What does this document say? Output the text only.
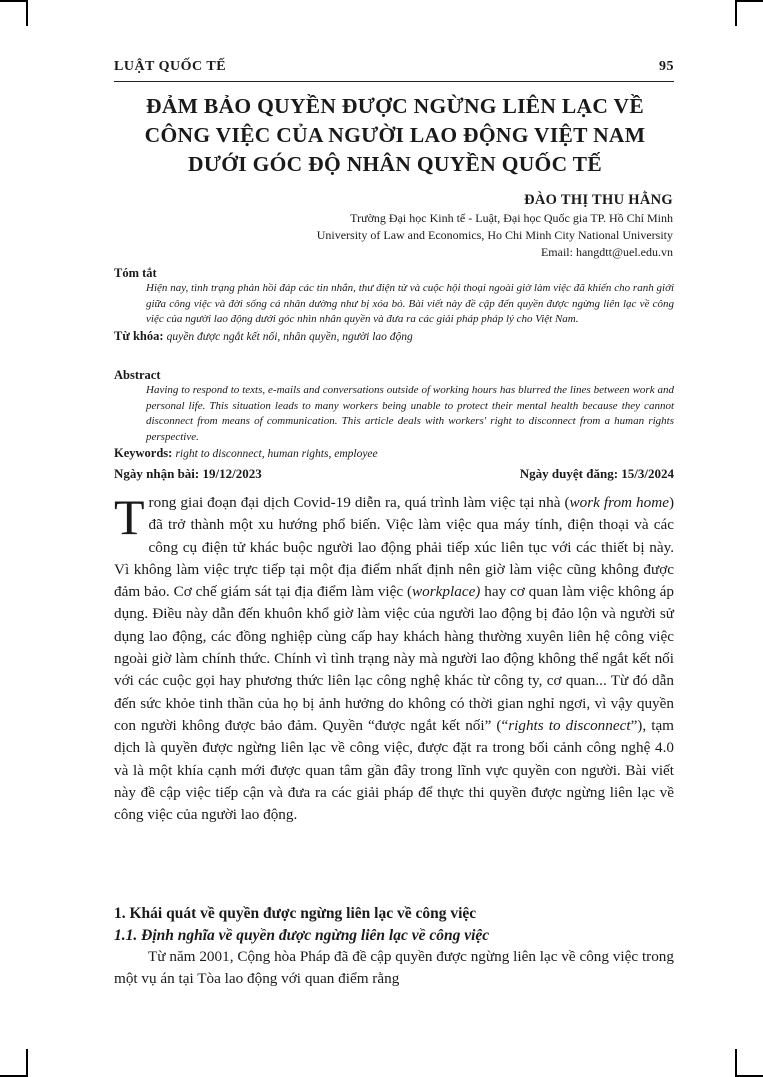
LUẬT QUỐC TẾ	95
ĐẢM BẢO QUYỀN ĐƯỢC NGỪNG LIÊN LẠC VỀ
CÔNG VIỆC CỦA NGƯỜI LAO ĐỘNG VIỆT NAM
DƯỚI GÓC ĐỘ NHÂN QUYỀN QUỐC TẾ
ĐÀO THỊ THU HẰNG
Trường Đại học Kinh tế - Luật, Đại học Quốc gia TP. Hồ Chí Minh
University of Law and Economics, Ho Chi Minh City National University
Email: hangdtt@uel.edu.vn
Tóm tắt
Hiện nay, tình trạng phản hồi đáp các tin nhắn, thư điện tử và cuộc hội thoại ngoài giờ làm việc đã khiến cho ranh giới giữa công việc và đời sống cá nhân dường như bị xóa bỏ. Bài viết này đề cập đến quyền được ngừng liên lạc về công việc của người lao động dưới góc nhìn nhân quyền và đưa ra các giải pháp pháp lý cho Việt Nam.
Từ khóa: quyền được ngắt kết nối, nhân quyền, người lao động
Abstract
Having to respond to texts, e-mails and conversations outside of working hours has blurred the lines between work and personal life. This situation leads to many workers being unable to protect their mental health because they cannot disconnect from means of communication. This article deals with workers' right to disconnect from a human rights perspective.
Keywords: right to disconnect, human rights, employee
Ngày nhận bài: 19/12/2023	Ngày duyệt đăng: 15/3/2024

Trong giai đoạn đại dịch Covid-19 diễn ra, quá trình làm việc tại nhà (work from home) đã trở thành một xu hướng phổ biến. Việc làm việc qua máy tính, điện thoại và các công cụ điện tử khác buộc người lao động phải tiếp xúc liên tục với các thiết bị này. Vì không làm việc trực tiếp tại một địa điểm nhất định nên giờ làm việc cũng không được đảm bảo. Cơ chế giám sát tại địa điểm làm việc (workplace) hay cơ quan làm việc không áp dụng. Điều này dẫn đến khuôn khổ giờ làm việc của người lao động bị đảo lộn và người sử dụng lao động, các đồng nghiệp cùng cấp hay khách hàng thường xuyên liên hệ công việc ngoài giờ làm chính thức. Chính vì tình trạng này mà người lao động không thể ngắt kết nối với các cuộc gọi hay phương thức liên lạc công nghệ khác từ công ty, cơ quan... Từ đó dẫn đến sức khỏe tinh thần của họ bị ảnh hưởng do không có thời gian nghỉ ngơi, vì vậy quyền con người không được bảo đảm. Quyền “được ngắt kết nối” (“rights to disconnect”), tạm dịch là quyền được ngừng liên lạc về công việc, được đặt ra trong bối cảnh công nghệ 4.0 và là một khía cạnh mới được quan tâm gần đây trong lĩnh vực quyền con người. Bài viết này đề cập việc tiếp cận và đưa ra các giải pháp để thực thi quyền được ngừng liên lạc về công việc của người lao động.

1. Khái quát về quyền được ngừng liên lạc về công việc
1.1. Định nghĩa về quyền được ngừng liên lạc về công việc

Từ năm 2001, Cộng hòa Pháp đã đề cập quyền được ngừng liên lạc về công việc trong một vụ án tại Tòa lao động với quan điểm rằng
